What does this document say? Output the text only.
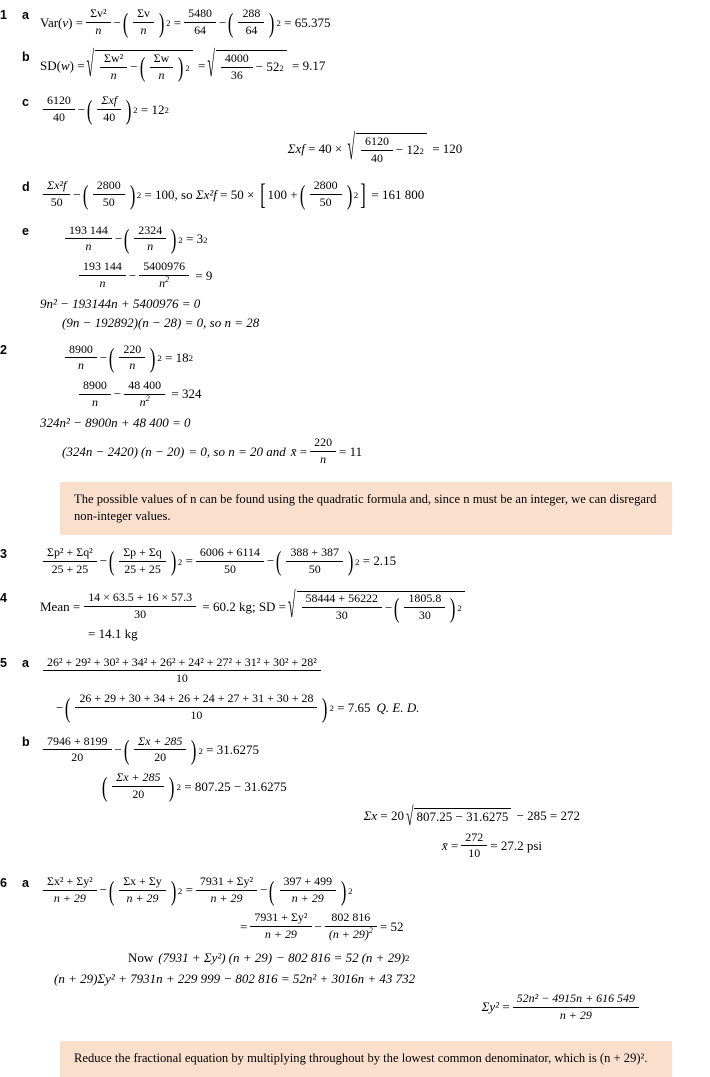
1	a Var( v ) = $\frac{\text{Σv²}}{n}$ − ( $\frac{\Sigma v}{n}$ ) $2 = \frac{5480}{64}$ − ( $\frac{288}{64}$ ) 2 = 65.375
b
SD( w ) = √ $\frac{\text{Σw²}}{n}$ − ( $\frac{\Sigma w}{n}$ ) 2 = √ $\frac{4000}{36} - 52$ 2 = 9.17
c	$\frac{6120}{40}$ − ( $\frac{\text{Σxf}}{40}$ ) 2 = 12 2
Σxf = 40 × √ $\frac{6120}{40} - 12$ 2 = 120
d	$\frac{\text{Σx²f}}{50}$ − ( $\frac{2800}{50}$ ) 2 = 100 , so Σx²f = 50 × [ 100 + ( $\frac{2800}{50}$ ) 2 ] = 161 800
e	$\frac{193 144}{n}$ − ( $\frac{2324}{n}$ ) 2 = 3 2
$\frac{193 144}{n} - \frac{5400976}{n^2} = 9$
9n² − 193144n + 5400976 = 0
(9n − 192892)(n − 28) = 0, so n = 28
2	$\frac{8900}{n}$ − ( $\frac{220}{n}$ ) 2 = 18 2
$\frac{8900}{n} - \frac{48 400}{n^2} = 324$
324n² − 8900n + 48 400 = 0
(324n − 2420) (n − 20) = 0, so n = 20 and x̄ = $\frac{220}{n} = 11$
The possible values of n can be found using the quadratic formula and, since n must be an integer, we can disregard non-integer values.
3	$\frac{\text{Σp² + Σq²}}{25 + 25}$ − ( $\frac{\Sigma p + \Sigma q}{25 + 25}$ ) $2 = \frac{6006 + 6114}{50}$ − ( $\frac{388 + 387}{50}$ ) 2 = 2.15
4
Mean = $\frac{14 \times 63.5 + 16 \times 57.3}{30} = 60.2$ kg ; SD = √ $\frac{58444 + 56222}{30}$ − ( $\frac{1805.8}{30}$ ) 2
= 14.1 kg
5	a	$\frac{\text{26² + 29² + 30² + 34² + 26² + 24² + 27² + 31² + 30² + 28²}}{10}$
− ( $\frac{26 + 29 + 30 + 34 + 26 + 24 + 27 + 31 + 30 + 28}{10}$ ) 2 = 7.65 Q. E. D.
b	$\frac{7946 + 8199}{20}$ − ( $\frac{\Sigma x + 285}{20}$ ) 2 = 31.6275
( $\frac{\Sigma x + 285}{20}$ ) 2 = 807.25 − 31.6275
Σx = 20 √ 807.25 − 31.6275 − 285 = 272
x̄ = $\frac{272}{10} = 27.2$ psi
6	a	$\frac{\text{Σx² + Σy²}}{n + 29}$ − ( $\frac{\Sigma x + \Sigma y}{n + 29}$ ) $2 = \frac{\text{7931 + Σy²}}{n + 29}$ − ( $\frac{397 + 499}{n + 29}$ ) 2
= $\frac{\text{7931 + Σy²}}{n + 29} - \frac{802 816}{(n + 29)^2} = 52$
Now (7931 + Σy²) (n + 29) − 802 816 = 52 (n + 29) 2
(n + 29)Σy² + 7931n + 229 999 − 802 816 = 52n² + 3016n + 43 732
$\Sigma y^2 = \frac{\text{52n² − 4915n + 616 549}}{n + 29}$
Reduce the fractional equation by multiplying throughout by the lowest common denominator, which is (n + 29)².
